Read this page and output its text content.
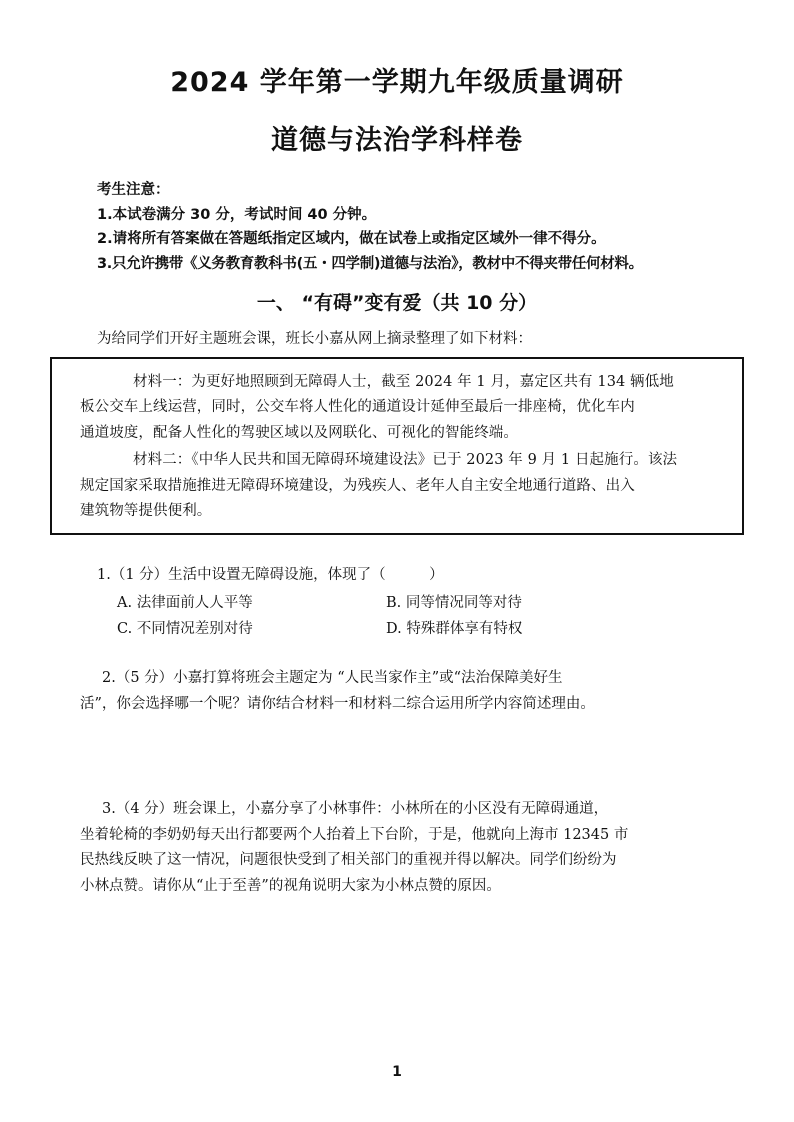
2024 学年第一学期九年级质量调研
道德与法治学科样卷
考生注意：
1.本试卷满分 30 分，考试时间 40 分钟。
2.请将所有答案做在答题纸指定区域内，做在试卷上或指定区域外一律不得分。
3.只允许携带《义务教育教科书(五・四学制)道德与法治》，教材中不得夹带任何材料。
一、 “有碍”变有爱（共 10 分）
为给同学们开好主题班会课，班长小嘉从网上摘录整理了如下材料：
材料一：为更好地照顾到无障碍人士，截至 2024 年 1 月，嘉定区共有 134 辆低地
板公交车上线运营，同时，公交车将人性化的通道设计延伸至最后一排座椅，优化车内
通道坡度，配备人性化的驾驶区域以及网联化、可视化的智能终端。
材料二：《中华人民共和国无障碍环境建设法》已于 2023 年 9 月 1 日起施行。该法
规定国家采取措施推进无障碍环境建设，为残疾人、老年人自主安全地通行道路、出入
建筑物等提供便利。
1.（1 分）生活中设置无障碍设施，体现了（　　　）
A. 法律面前人人平等	B. 同等情况同等对待
C. 不同情况差别对待	D. 特殊群体享有特权
2.（5 分）小嘉打算将班会主题定为 “人民当家作主”或“法治保障美好生
活”，你会选择哪一个呢？请你结合材料一和材料二综合运用所学内容简述理由。
3.（4 分）班会课上，小嘉分享了小林事件：小林所在的小区没有无障碍通道，
坐着轮椅的李奶奶每天出行都要两个人抬着上下台阶，于是，他就向上海市 12345 市
民热线反映了这一情况，问题很快受到了相关部门的重视并得以解决。同学们纷纷为
小林点赞。请你从“止于至善”的视角说明大家为小林点赞的原因。
1
